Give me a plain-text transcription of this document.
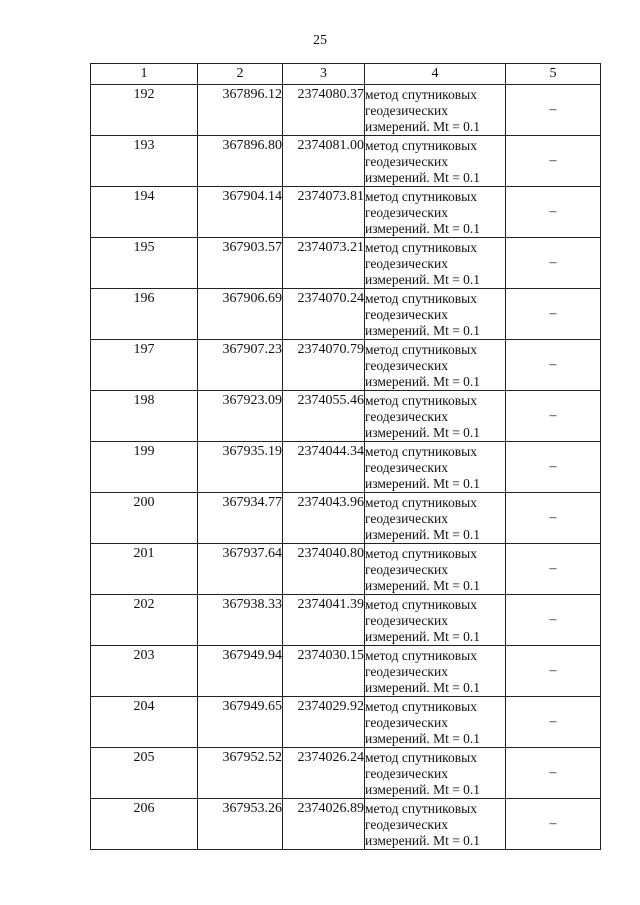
25
1	2	3	4	5
192	367896.12	2374080.37	метод спутниковых геодезических измерений. Mt = 0.1	–
193	367896.80	2374081.00	метод спутниковых геодезических измерений. Mt = 0.1	–
194	367904.14	2374073.81	метод спутниковых геодезических измерений. Mt = 0.1	–
195	367903.57	2374073.21	метод спутниковых геодезических измерений. Mt = 0.1	–
196	367906.69	2374070.24	метод спутниковых геодезических измерений. Mt = 0.1	–
197	367907.23	2374070.79	метод спутниковых геодезических измерений. Mt = 0.1	–
198	367923.09	2374055.46	метод спутниковых геодезических измерений. Mt = 0.1	–
199	367935.19	2374044.34	метод спутниковых геодезических измерений. Mt = 0.1	–
200	367934.77	2374043.96	метод спутниковых геодезических измерений. Mt = 0.1	–
201	367937.64	2374040.80	метод спутниковых геодезических измерений. Mt = 0.1	–
202	367938.33	2374041.39	метод спутниковых геодезических измерений. Mt = 0.1	–
203	367949.94	2374030.15	метод спутниковых геодезических измерений. Mt = 0.1	–
204	367949.65	2374029.92	метод спутниковых геодезических измерений. Mt = 0.1	–
205	367952.52	2374026.24	метод спутниковых геодезических измерений. Mt = 0.1	–
206	367953.26	2374026.89	метод спутниковых геодезических измерений. Mt = 0.1	–
